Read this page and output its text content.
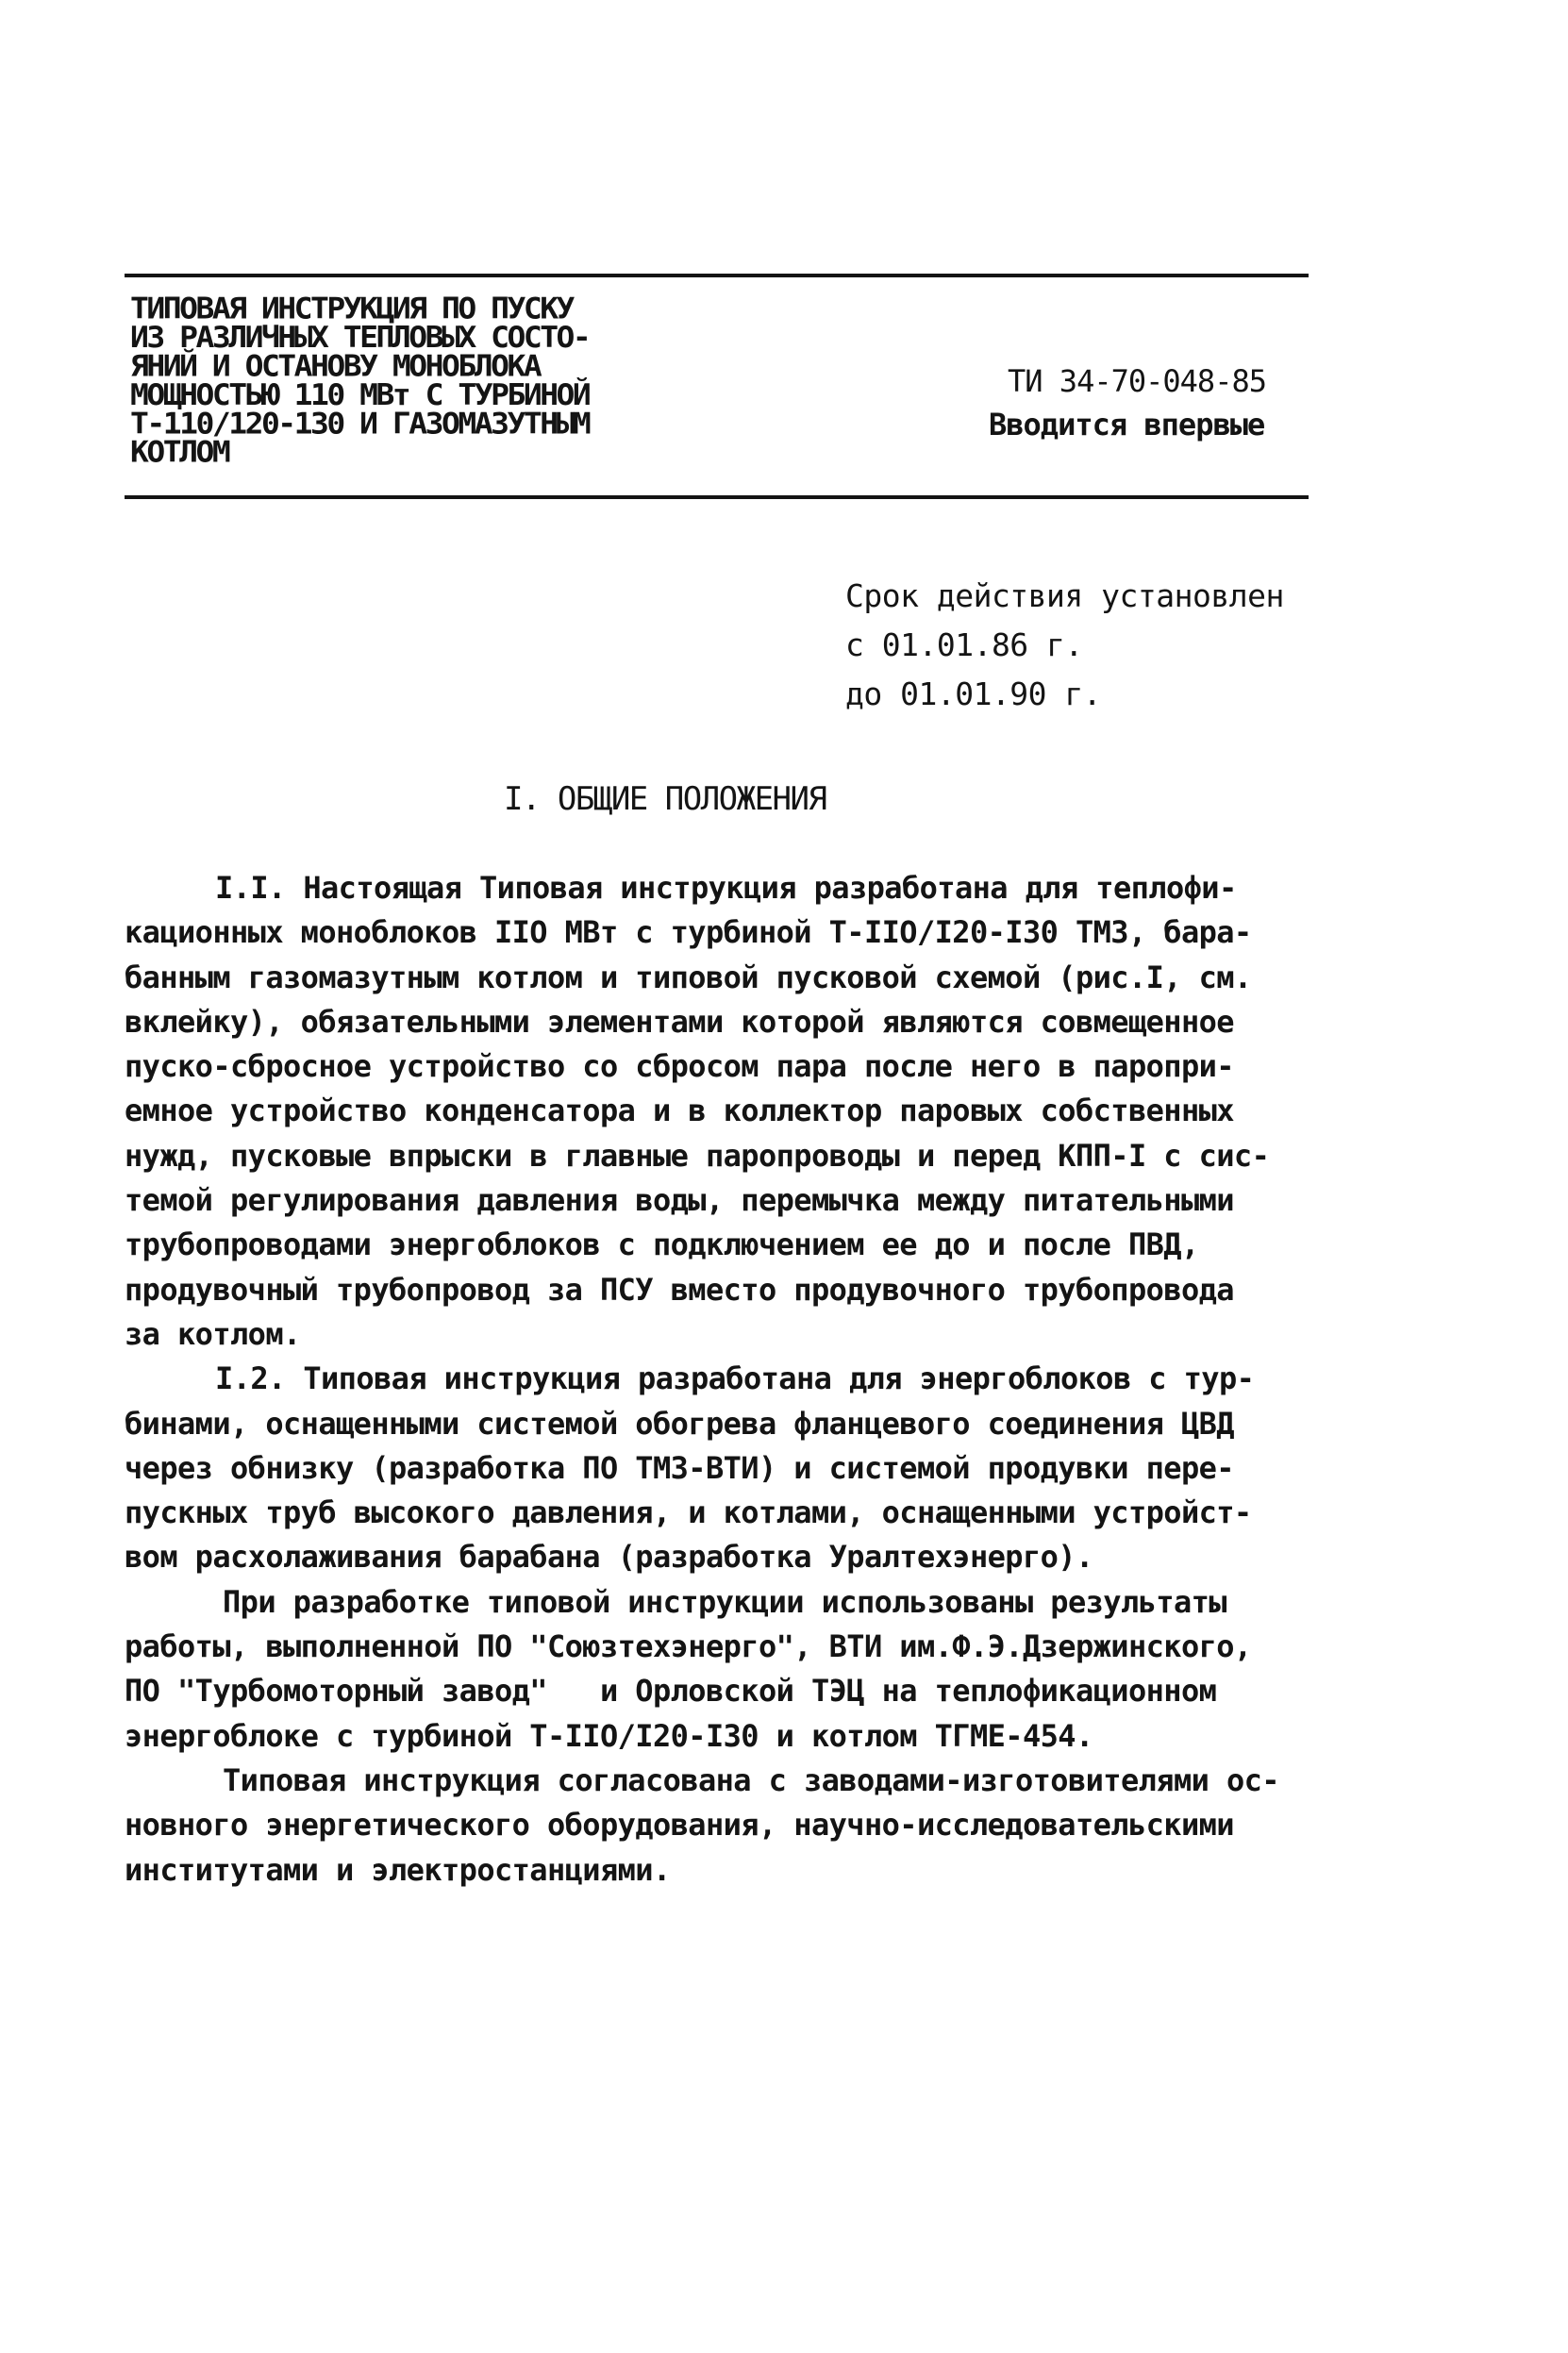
ТИПОВАЯ ИНСТРУКЦИЯ ПО ПУСКУ
ИЗ РАЗЛИЧНЫХ ТЕПЛОВЫХ СОСТО-
ЯНИЙ И ОСТАНОВУ МОНОБЛОКА
МОЩНОСТЬЮ 110 МВт С ТУРБИНОЙ
Т-110/120-130 И ГАЗОМАЗУТНЫМ
КОТЛОМ
ТИ 34-70-048-85
Вводится впервые
Срок действия установлен
с 01.01.86 г.
до 01.01.90 г.
I. ОБЩИЕ ПОЛОЖЕНИЯ
I.I. Настоящая Типовая инструкция разработана для теплофи-
кационных моноблоков IIO МВт с турбиной Т-IIO/I20-I30 ТМЗ, бара-
банным газомазутным котлом и типовой пусковой схемой (рис.I, см.
вклейку), обязательными элементами которой являются совмещенное
пуско-сбросное устройство со сбросом пара после него в паропри-
емное устройство конденсатора и в коллектор паровых собственных
нужд, пусковые впрыски в главные паропроводы и перед КПП-I с сис-
темой регулирования давления воды, перемычка между питательными
трубопроводами энергоблоков с подключением ее до и после ПВД,
продувочный трубопровод за ПСУ вместо продувочного трубопровода
за котлом.
I.2. Типовая инструкция разработана для энергоблоков с тур-
бинами, оснащенными системой обогрева фланцевого соединения ЦВД
через обнизку (разработка ПО ТМЗ-ВТИ) и системой продувки пере-
пускных труб высокого давления, и котлами, оснащенными устройст-
вом расхолаживания барабана (разработка Уралтехэнерго).
При разработке типовой инструкции использованы результаты
работы, выполненной ПО "Союзтехэнерго", ВТИ им.Ф.Э.Дзержинского,
ПО "Турбомоторный завод"   и Орловской ТЭЦ на теплофикационном
энергоблоке с турбиной Т-IIO/I20-I30 и котлом ТГМЕ-454.
Типовая инструкция согласована с заводами-изготовителями ос-
новного энергетического оборудования, научно-исследовательскими
институтами и электростанциями.
